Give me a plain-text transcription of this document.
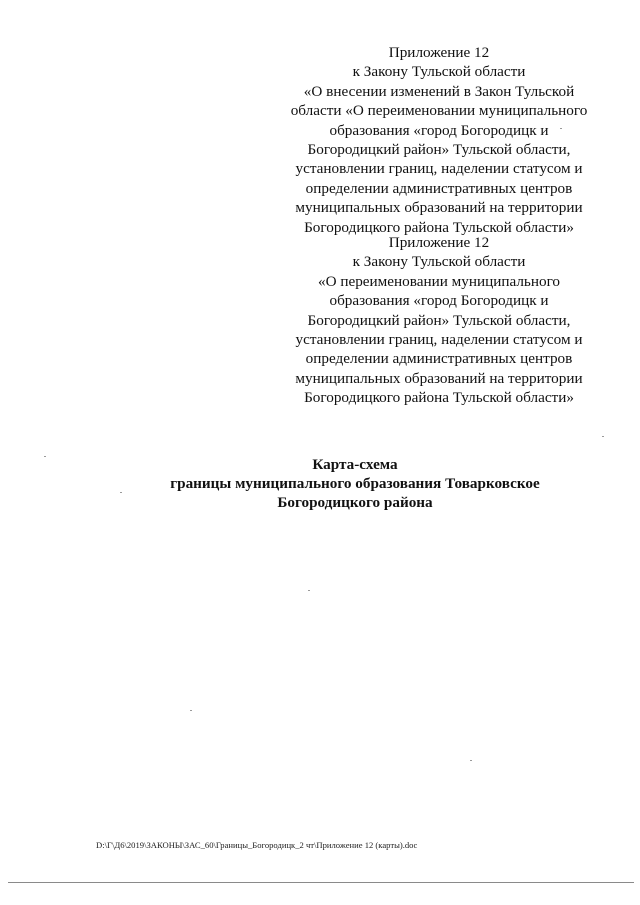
Приложение 12
к Закону Тульской области
«О внесении изменений в Закон Тульской
области «О переименовании муниципального
образования «город Богородицк и
Богородицкий район» Тульской области,
установлении границ, наделении статусом и
определении административных центров
муниципальных образований на территории
Богородицкого района Тульской области»
Приложение 12
к Закону Тульской области
«О переименовании муниципального
образования «город Богородицк и
Богородицкий район» Тульской области,
установлении границ, наделении статусом и
определении административных центров
муниципальных образований на территории
Богородицкого района Тульской области»
Карта-схема
границы муниципального образования Товарковское
Богородицкого района
D:\Г\Д6\2019\ЗАКОНЫ\ЗАС_60\Границы_Богородицк_2 чт\Приложение 12 (карты).doc
